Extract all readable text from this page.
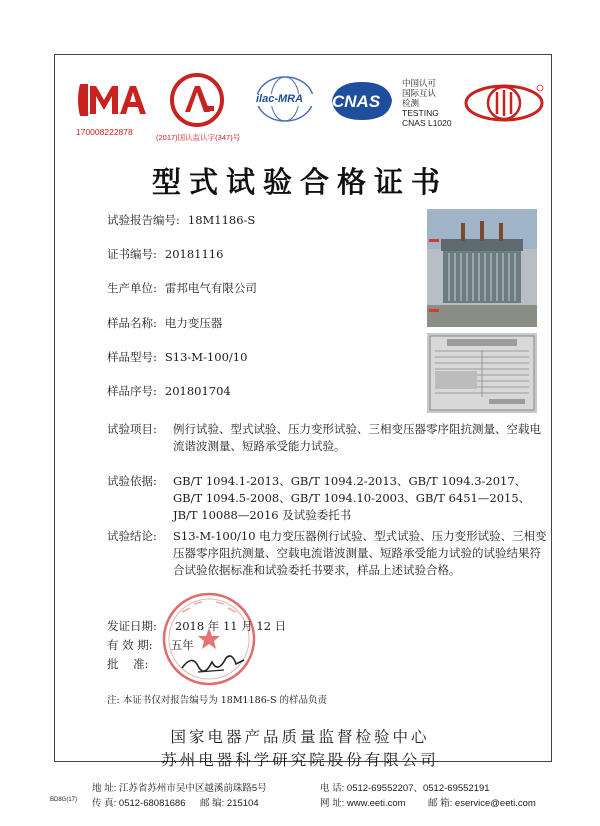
170008222878
(2017)国认监认字(347)号
ilac-MRA CNAS
中国认可
国际互认
检测
TESTING
CNAS L1020
型式试验合格证书
试验报告编号: 18M1186-S
证书编号: 20181116
生产单位: 雷邦电气有限公司
样品名称: 电力变压器
样品型号: S13-M-100/10
样品序号: 201801704
试验项目: 例行试验、型式试验、压力变形试验、三相变压器零序阻抗测量、空载电流谐波测量、短路承受能力试验。
试验依据: GB/T 1094.1-2013、GB/T 1094.2-2013、GB/T 1094.3-2017、GB/T 1094.5-2008、GB/T 1094.10-2003、GB/T 6451—2015、JB/T 10088—2016 及试验委托书
试验结论: S13-M-100/10 电力变压器例行试验、型式试验、压力变形试验、三相变压器零序阻抗测量、空载电流谐波测量、短路承受能力试验的试验结果符合试验依据标准和试验委托书要求，样品上述试验合格。
发证日期: 2018 年 11 月 12 日
有 效 期: 五年
批    准:
注: 本证书仅对报告编号为 18M1186-S 的样品负责
国家电器产品质量监督检验中心
苏州电器科学研究院股份有限公司
地 址: 江苏省苏州市吴中区越溪前珠路5号	电 话: 0512-69552207、0512-69552191
传 真: 0512-68081686 邮 编: 215104	网 址: www.eeti.com 邮 箱: eservice@eeti.com
BD8G(17)
